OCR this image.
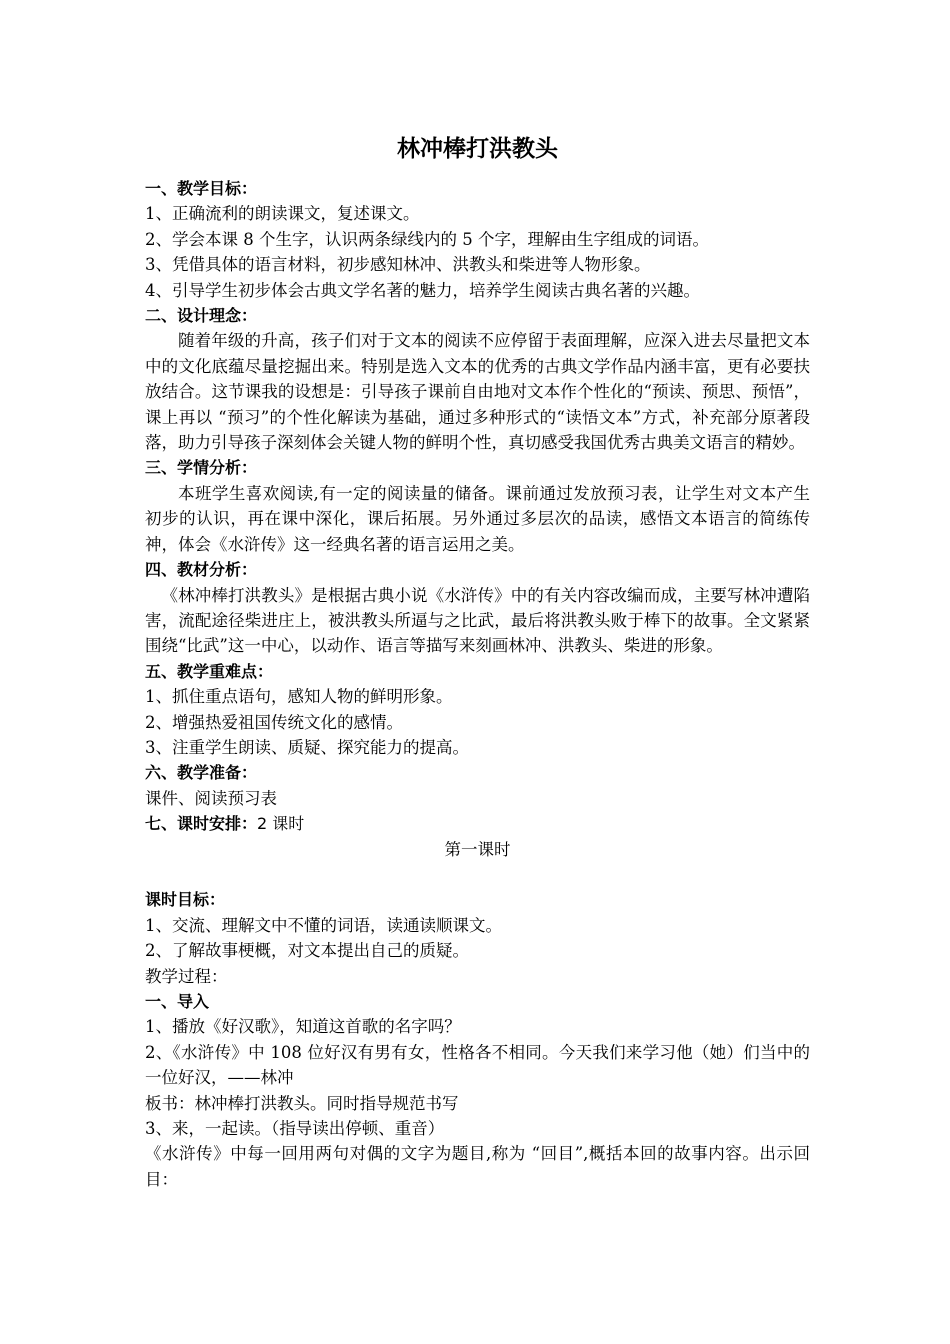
林冲棒打洪教头
一、教学目标：
1、正确流利的朗读课文，复述课文。
2、学会本课 8 个生字，认识两条绿线内的 5 个字，理解由生字组成的词语。
3、凭借具体的语言材料，初步感知林冲、洪教头和柴进等人物形象。
4、引导学生初步体会古典文学名著的魅力，培养学生阅读古典名著的兴趣。
二、设计理念：
随着年级的升高，孩子们对于文本的阅读不应停留于表面理解，应深入进去尽量把文本中的文化底蕴尽量挖掘出来。特别是选入文本的优秀的古典文学作品内涵丰富，更有必要扶放结合。这节课我的设想是：引导孩子课前自由地对文本作个性化的“预读、预思、预悟”，课上再以 “预习”的个性化解读为基础，通过多种形式的“读悟文本”方式，补充部分原著段落，助力引导孩子深刻体会关键人物的鲜明个性，真切感受我国优秀古典美文语言的精妙。
三、学情分析：
本班学生喜欢阅读,有一定的阅读量的储备。课前通过发放预习表，让学生对文本产生初步的认识，再在课中深化，课后拓展。另外通过多层次的品读，感悟文本语言的简练传神，体会《水浒传》这一经典名著的语言运用之美。
四、教材分析：
《林冲棒打洪教头》是根据古典小说《水浒传》中的有关内容改编而成，主要写林冲遭陷害，流配途径柴进庄上，被洪教头所逼与之比武，最后将洪教头败于棒下的故事。全文紧紧围绕“比武”这一中心，以动作、语言等描写来刻画林冲、洪教头、柴进的形象。
五、教学重难点：
1、抓住重点语句，感知人物的鲜明形象。
2、增强热爱祖国传统文化的感情。
3、注重学生朗读、质疑、探究能力的提高。
六、教学准备：
课件、阅读预习表
七、课时安排：2 课时
第一课时
课时目标：
1、交流、理解文中不懂的词语，读通读顺课文。
2、了解故事梗概，对文本提出自己的质疑。
教学过程：
一、导入
1、播放《好汉歌》，知道这首歌的名字吗？
2、《水浒传》中 108 位好汉有男有女，性格各不相同。今天我们来学习他（她）们当中的一位好汉，——林冲
板书：林冲棒打洪教头。同时指导规范书写
3、来，一起读。（指导读出停顿、重音）
《水浒传》中每一回用两句对偶的文字为题目,称为 “回目”,概括本回的故事内容。出示回目：
